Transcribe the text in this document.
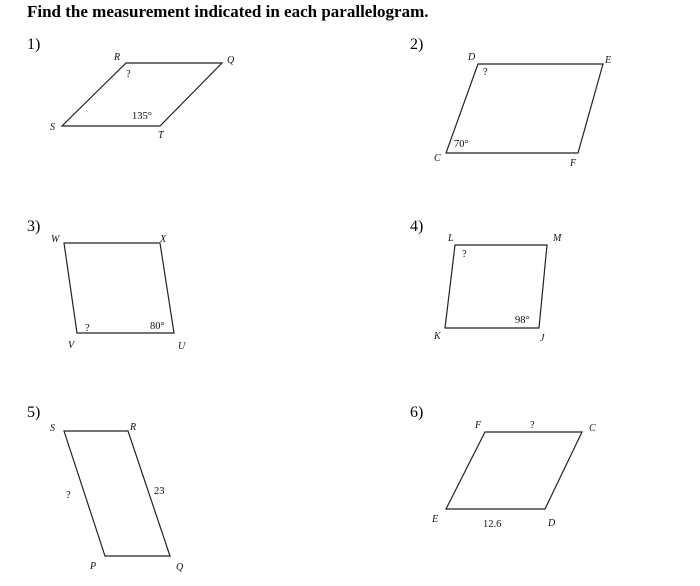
Find the measurement indicated in each parallelogram.
1)	2)
3)	4)
5)	6)
R	Q
T
S
?
135°
D	E
F
C
?
70°
W	X
U
V
80°
?
L	M
J
K
?
98°
S	R
Q
P
23
?
F	C
D
E
?
12.6
